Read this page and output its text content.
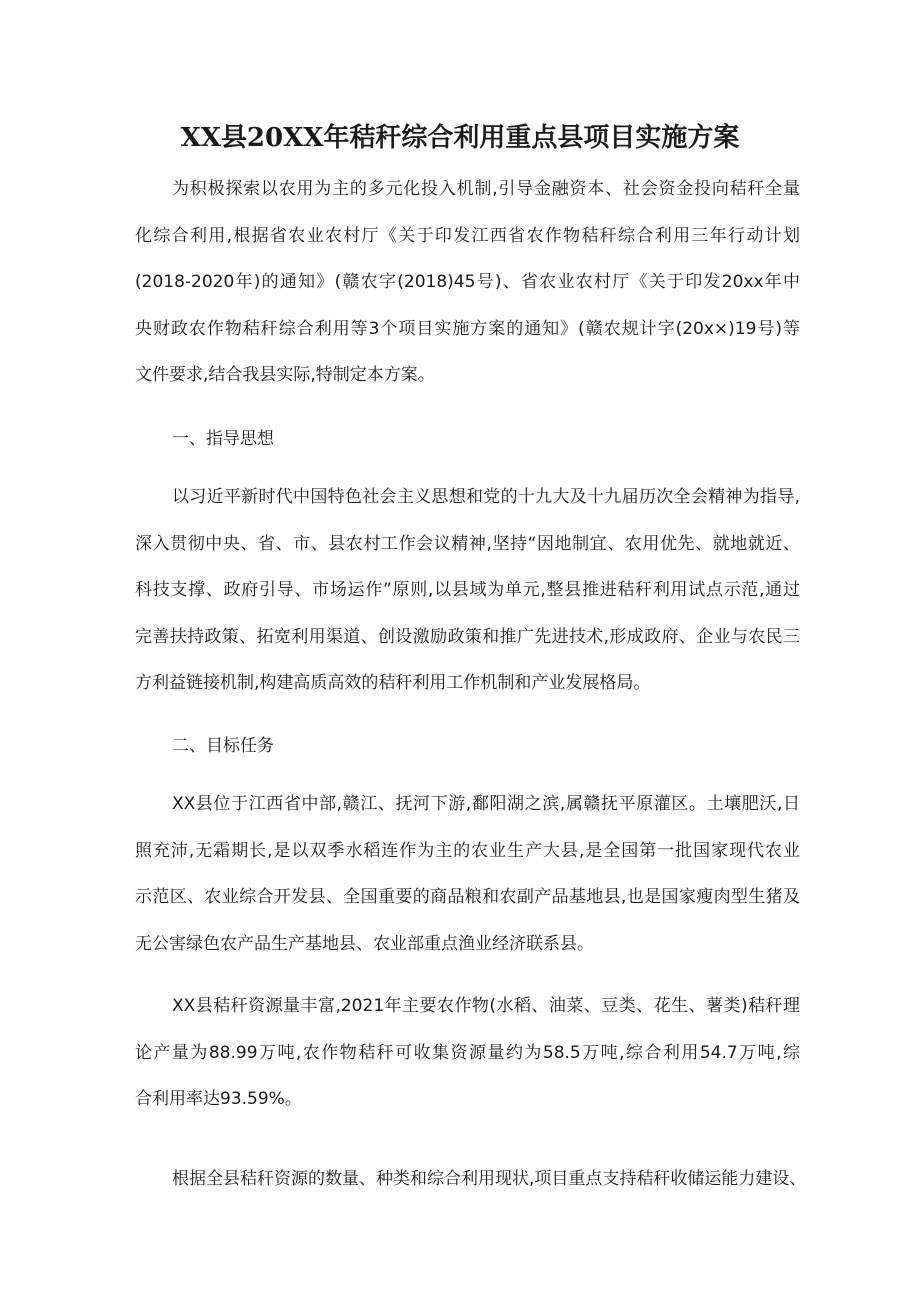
XX县20XX年秸秆综合利用重点县项目实施方案
为积极探索以农用为主的多元化投入机制,引导金融资本、社会资金投向秸秆全量
化综合利用,根据省农业农村厅《关于印发江西省农作物秸秆综合利用三年行动计划
(2018-2020年)的通知》(赣农字(2018)45号)、省农业农村厅《关于印发20xx年中
央财政农作物秸秆综合利用等3个项目实施方案的通知》(赣农规计字(20x×)19号)等
文件要求,结合我县实际,特制定本方案。
一、指导思想
以习近平新时代中国特色社会主义思想和党的十九大及十九届历次全会精神为指导,
深入贯彻中央、省、市、县农村工作会议精神,坚持“因地制宜、农用优先、就地就近、
科技支撑、政府引导、市场运作”原则,以县域为单元,整县推进秸秆利用试点示范,通过
完善扶持政策、拓宽利用渠道、创设激励政策和推广先进技术,形成政府、企业与农民三
方利益链接机制,构建高质高效的秸秆利用工作机制和产业发展格局。
二、目标任务
XX县位于江西省中部,赣江、抚河下游,鄱阳湖之滨,属赣抚平原灌区。土壤肥沃,日
照充沛,无霜期长,是以双季水稻连作为主的农业生产大县,是全国第一批国家现代农业
示范区、农业综合开发县、全国重要的商品粮和农副产品基地县,也是国家瘦肉型生猪及
无公害绿色农产品生产基地县、农业部重点渔业经济联系县。
XX县秸秆资源量丰富,2021年主要农作物(水稻、油菜、豆类、花生、薯类)秸秆理
论产量为88.99万吨,农作物秸秆可收集资源量约为58.5万吨,综合利用54.7万吨,综
合利用率达93.59%。
根据全县秸秆资源的数量、种类和综合利用现状,项目重点支持秸秆收储运能力建设、
